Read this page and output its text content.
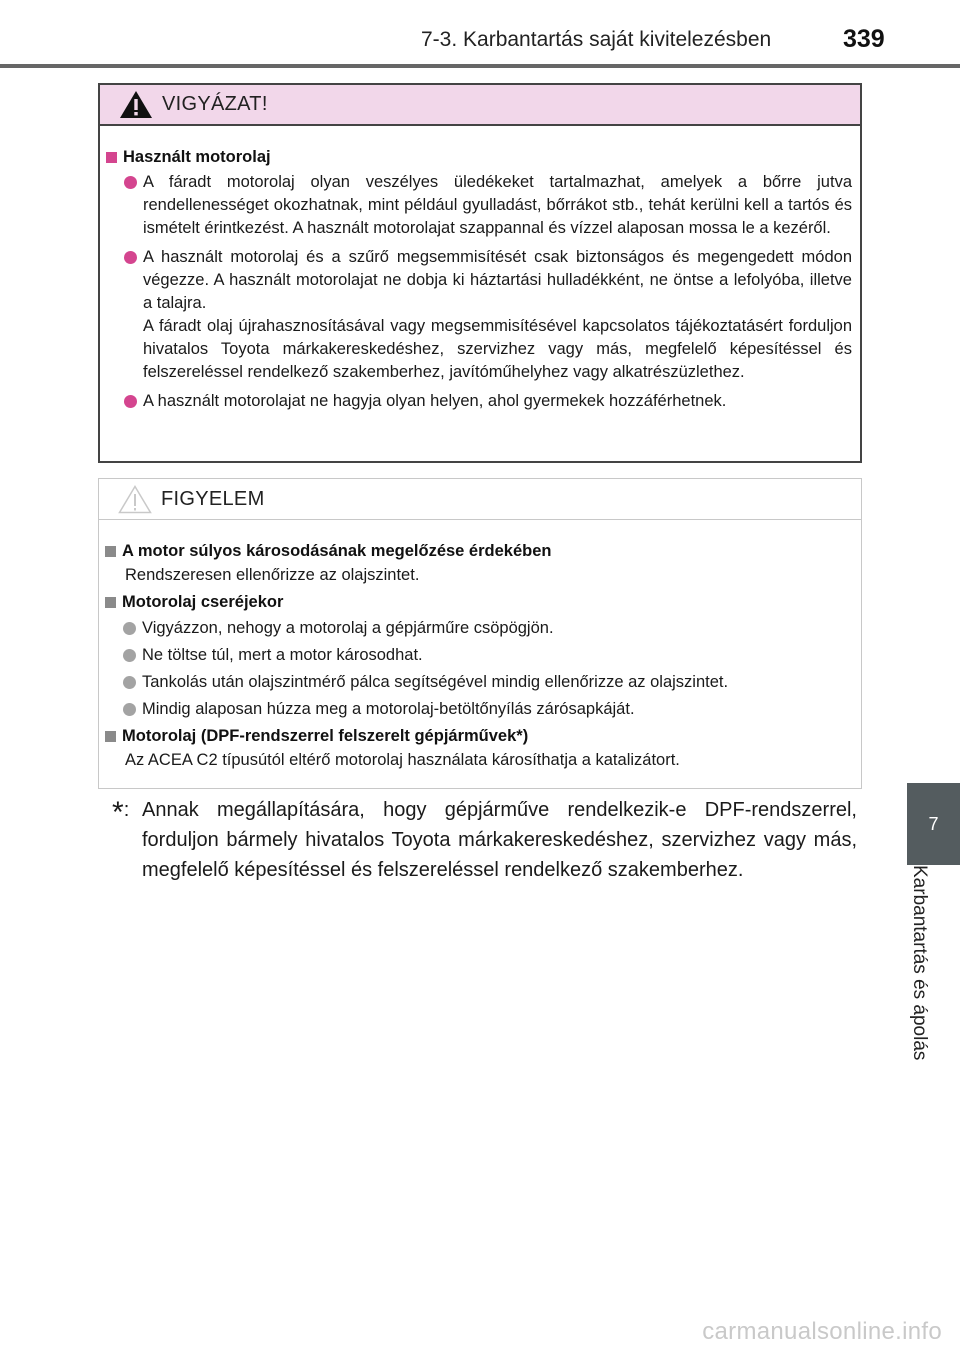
7-3. Karbantartás saját kivitelezésben	339
7
Karbantartás és ápolás
VIGYÁZAT!
Használt motorolaj
A fáradt motorolaj olyan veszélyes üledékeket tartalmazhat, amelyek a bőrre jutva rendellenességet okozhatnak, mint például gyulladást, bőrrákot stb., tehát kerülni kell a tartós és ismételt érintkezést. A használt motorolajat szappannal és vízzel alaposan mossa le a kezéről.
A használt motorolaj és a szűrő megsemmisítését csak biztonságos és megengedett módon végezze. A használt motorolajat ne dobja ki háztartási hulladékként, ne öntse a lefolyóba, illetve a talajra.
A fáradt olaj újrahasznosításával vagy megsemmisítésével kapcsolatos tájékoztatásért forduljon hivatalos Toyota márkakereskedéshez, szervizhez vagy más, megfelelő képesítéssel és felszereléssel rendelkező szakemberhez, javítóműhelyhez vagy alkatrészüzlethez.
A használt motorolajat ne hagyja olyan helyen, ahol gyermekek hozzáférhetnek.
FIGYELEM
A motor súlyos károsodásának megelőzése érdekében
Rendszeresen ellenőrizze az olajszintet.
Motorolaj cseréjekor
Vigyázzon, nehogy a motorolaj a gépjárműre csöpögjön.
Ne töltse túl, mert a motor károsodhat.
Tankolás után olajszintmérő pálca segítségével mindig ellenőrizze az olajszintet.
Mindig alaposan húzza meg a motorolaj-betöltőnyílás zárósapkáját.
Motorolaj (DPF-rendszerrel felszerelt gépjárművek*)
Az ACEA C2 típusútól eltérő motorolaj használata károsíthatja a katalizátort.
*: Annak megállapítására, hogy gépjárműve rendelkezik-e DPF-rendszerrel, forduljon bármely hivatalos Toyota márkakereskedéshez, szervizhez vagy más, megfelelő képesítéssel és felszereléssel rendelkező szakemberhez.
carmanualsonline.info
